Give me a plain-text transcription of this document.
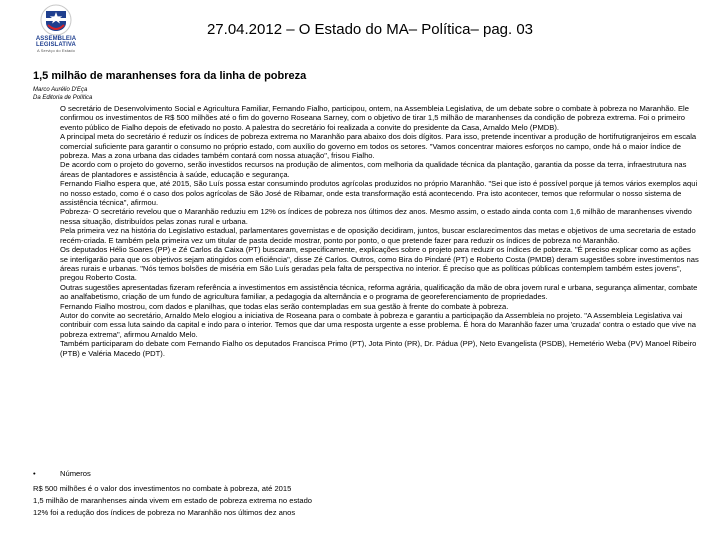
ASSEMBLEIA
LEGISLATIVA
A Serviço do Estado
27.04.2012 – O Estado do MA– Política– pag. 03
1,5 milhão de maranhenses fora da linha de pobreza
Marco Aurélio D'Eça
Da Editoria de Política

O secretário de Desenvolvimento Social e Agricultura Familiar, Fernando Fialho, participou, ontem, na Assembleia Legislativa, de um debate sobre o combate à pobreza no Maranhão. Ele confirmou os investimentos de R$ 500 milhões até o fim do governo Roseana Sarney, com o objetivo de tirar 1,5 milhão de maranhenses da condição de pobreza extrema. Foi o primeiro evento público de Fialho depois de efetivado no posto. A palestra do secretário foi realizada a convite do presidente da Casa, Arnaldo Melo (PMDB).

A principal meta do secretário é reduzir os índices de pobreza extrema no Maranhão para abaixo dos dois dígitos. Para isso, pretende incentivar a produção de hortifrutigranjeiros em escala comercial suficiente para garantir o consumo no próprio estado, com auxílio do governo em todos os setores. "Vamos concentrar maiores esforços no campo, onde há o maior índice de pobreza. Mas a zona urbana das cidades também contará com nossa atuação", frisou Fialho.

De acordo com o projeto do governo, serão investidos recursos na produção de alimentos, com melhoria da qualidade técnica da plantação, garantia da posse da terra, infraestrutura nas áreas de plantadores e assistência à saúde, educação e segurança.

Fernando Fialho espera que, até 2015, São Luís possa estar consumindo produtos agrícolas produzidos no próprio Maranhão. "Sei que isto é possível porque já temos vários exemplos aqui no nosso estado, como é o caso dos polos agrícolas de São José de Ribamar, onde esta transformação está acontecendo. Pra isto acontecer, temos que reformular o nosso sistema de assistência técnica", afirmou.

Pobreza- O secretário revelou que o Maranhão reduziu em 12% os índices de pobreza nos últimos dez anos. Mesmo assim, o estado ainda conta com 1,6 milhão de maranhenses vivendo nessa situação, distribuídos pelas zonas rural e urbana.

Pela primeira vez na história do Legislativo estadual, parlamentares governistas e de oposição decidiram, juntos, buscar esclarecimentos das metas e objetivos de uma secretaria de estado recém-criada. E também pela primeira vez um titular de pasta decide mostrar, ponto por ponto, o que pretende fazer para reduzir os índices de pobreza no Maranhão.

Os deputados Hélio Soares (PP) e Zé Carlos da Caixa (PT) buscaram, especificamente, explicações sobre o projeto para reduzir os índices de pobreza. "É preciso explicar como as ações se interligarão para que os objetivos sejam atingidos com eficiência", disse Zé Carlos. Outros, como Bira do Pindaré (PT) e Roberto Costa (PMDB) deram sugestões sobre investimentos nas áreas rurais e urbanas. "Nós temos bolsões de miséria em São Luís geradas pela falta de perspectiva no interior. É preciso que as políticas públicas contemplem também estes jovens", pregou Roberto Costa.

Outras sugestões apresentadas fizeram referência a investimentos em assistência técnica, reforma agrária, qualificação da mão de obra jovem rural e urbana, segurança alimentar, combate ao analfabetismo, criação de um fundo de agricultura familiar, a pedagogia da alternância e o programa de georeferenciamento de propriedades.

Fernando Fialho mostrou, com dados e planilhas, que todas elas serão contempladas em sua gestão à frente do combate à pobreza.

Autor do convite ao secretário, Arnaldo Melo elogiou a iniciativa de Roseana para o combate à pobreza e garantiu a participação da Assembleia no projeto. "A Assembleia Legislativa vai contribuir com essa luta saindo da capital e indo para o interior. Temos que dar uma resposta urgente a esse problema. É hora do Maranhão fazer uma 'cruzada' contra o estado que vive na pobreza extrema", afirmou Arnaldo Melo.

Também participaram do debate com Fernando Fialho os deputados Francisca Primo (PT), Jota Pinto (PR), Dr. Pádua (PP), Neto Evangelista (PSDB), Hemetério Weba (PV) Manoel Ribeiro (PTB) e Valéria Macedo (PDT).

•	Números
R$ 500 milhões é o valor dos investimentos no combate à pobreza, até 2015
1,5 milhão de maranhenses ainda vivem em estado de pobreza extrema no estado
12% foi a redução dos índices de pobreza no Maranhão nos últimos dez anos
